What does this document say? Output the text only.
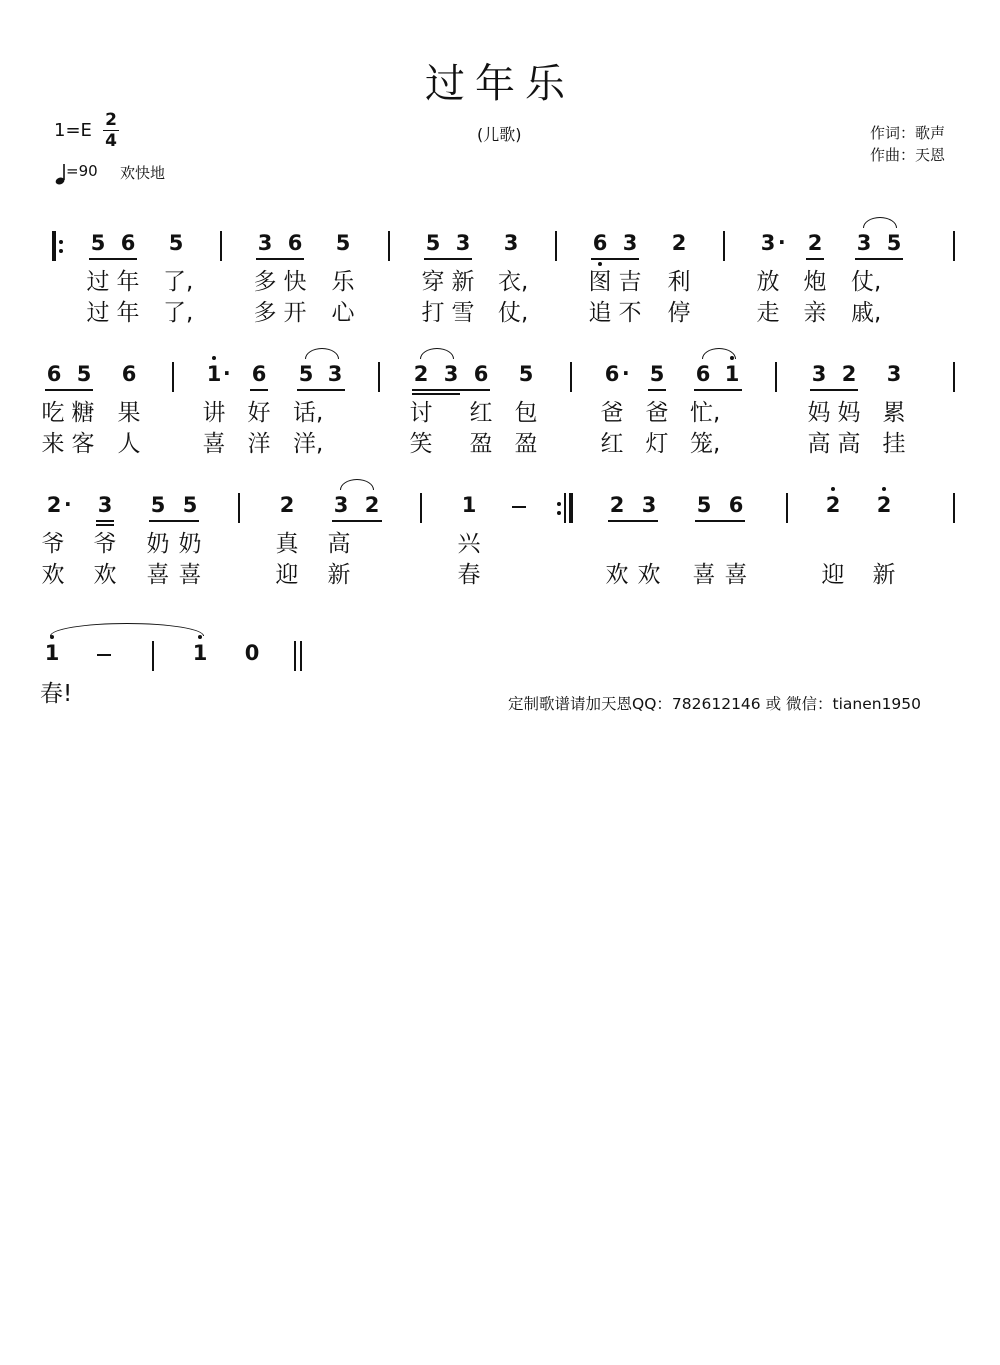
过年乐
(儿歌)
1=E 2
4
=90 欢快地
作词：歌声
作曲：天恩
5 6 5	3 6 5	5 3 3	6 3 2	3 · 2 3 5
过 年 了,	多 快 乐	穿 新 衣,	图 吉 利	放 炮 仗,
过 年 了,	多 开 心	打 雪 仗,	追 不 停	走 亲 戚,
6 5 6	1 · 6 5 3	2 3 6 5	6 · 5 6 1	3 2 3
吃 糖 果	讲 好 话,	讨 红 包	爸 爸 忙,	妈 妈 累
来 客 人	喜 洋 洋,	笑 盈 盈	红 灯 笼,	高 高 挂
2 · 3 5 5	2 3 2	1	2 3 5 6	2 2
爷 爷 奶 奶	真 高	兴
欢 欢 喜 喜	迎 新	春	欢 欢 喜 喜	迎 新
1	1 0
春!	定制歌谱请加天恩QQ：782612146 或 微信：tianen1950
